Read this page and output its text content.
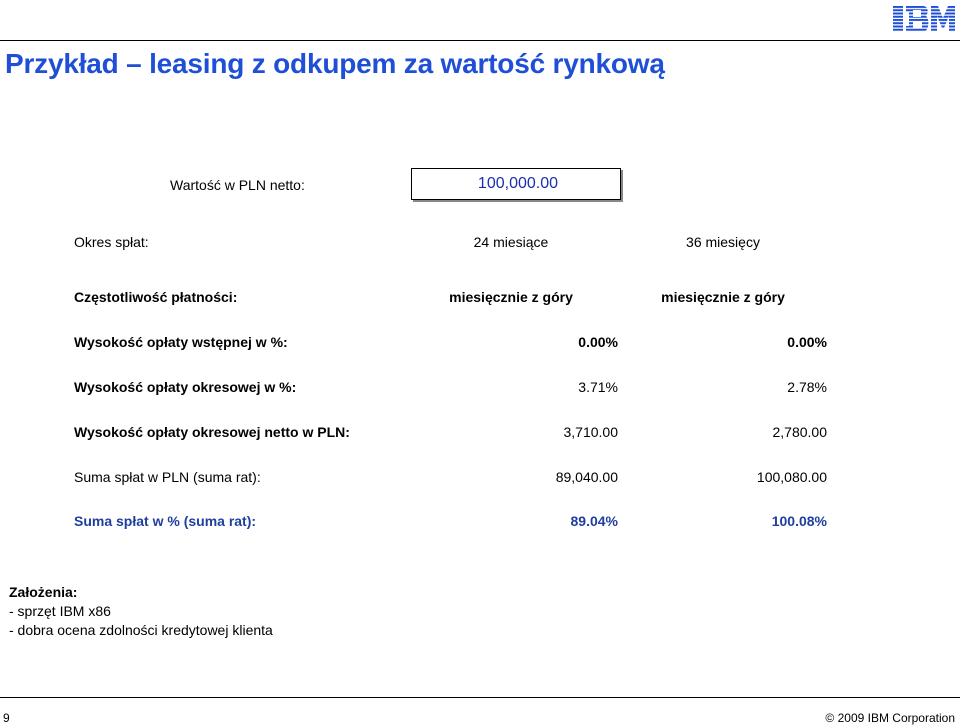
Przykład – leasing z odkupem za wartość rynkową
Wartość w PLN netto:	100,000.00
Okres spłat:	24 miesiące	36 miesięcy
Częstotliwość płatności:	miesięcznie z góry	miesięcznie z góry
Wysokość opłaty wstępnej w %:	0.00%	0.00%
Wysokość opłaty okresowej w %:	3.71%	2.78%
Wysokość opłaty okresowej netto w PLN:	3,710.00	2,780.00
Suma spłat w PLN (suma rat):	89,040.00	100,080.00
Suma spłat w % (suma rat):	89.04%	100.08%
Założenia:
- sprzęt IBM x86
- dobra ocena zdolności kredytowej klienta
9	© 2009 IBM Corporation
